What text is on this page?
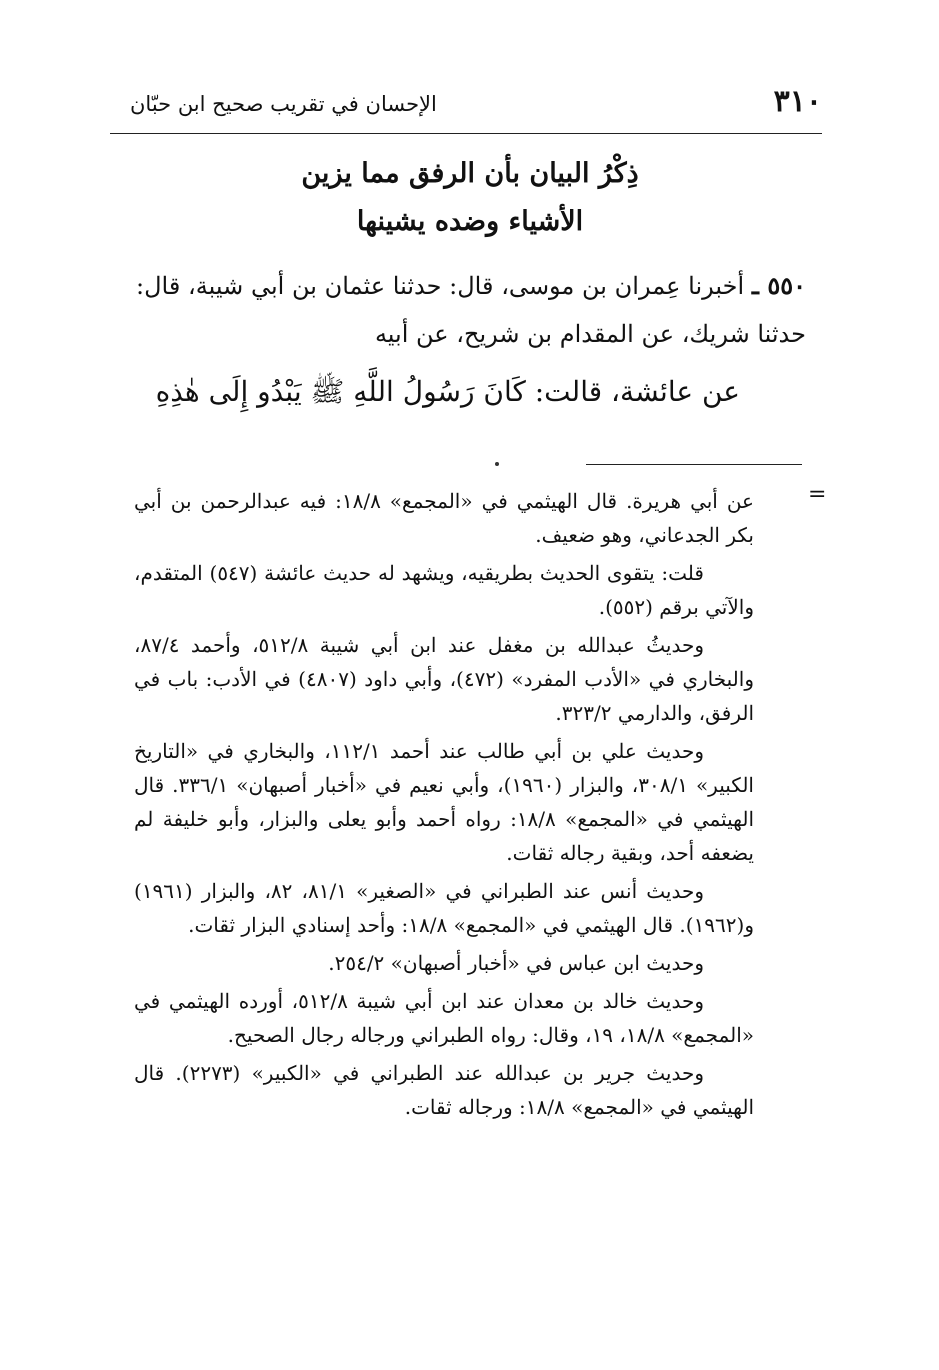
٣١٠
الإحسان في تقريب صحيح ابن حبّان
ذِكْرُ البيان بأن الرفق مما يزين
الأشياء وضده يشينها
٥٥٠ ـ أخبرنا عِمران بن موسى، قال: حدثنا عثمان بن أبي شيبة، قال: حدثنا شريك، عن المقدام بن شريح، عن أبيه
عن عائشة، قالت: كَانَ رَسُولُ اللَّهِ ﷺ يَبْدُو إِلَى هٰذِهِ
=

عن أبي هريرة. قال الهيثمي في «المجمع» ١٨/٨: فيه عبدالرحمن بن أبي بكر الجدعاني، وهو ضعيف.

قلت: يتقوى الحديث بطريقيه، ويشهد له حديث عائشة (٥٤٧) المتقدم، والآتي برقم (٥٥٢).

وحديثُ عبدالله بن مغفل عند ابن أبي شيبة ٥١٢/٨، وأحمد ٨٧/٤، والبخاري في «الأدب المفرد» (٤٧٢)، وأبي داود (٤٨٠٧) في الأدب: باب في الرفق، والدارمي ٣٢٣/٢.

وحديث علي بن أبي طالب عند أحمد ١١٢/١، والبخاري في «التاريخ الكبير» ٣٠٨/١، والبزار (١٩٦٠)، وأبي نعيم في «أخبار أصبهان» ٣٣٦/١. قال الهيثمي في «المجمع» ١٨/٨: رواه أحمد وأبو يعلى والبزار، وأبو خليفة لم يضعفه أحد، وبقية رجاله ثقات.

وحديث أنس عند الطبراني في «الصغير» ٨١/١، ٨٢، والبزار (١٩٦١) و(١٩٦٢). قال الهيثمي في «المجمع» ١٨/٨: وأحد إسنادي البزار ثقات.

وحديث ابن عباس في «أخبار أصبهان» ٢٥٤/٢.

وحديث خالد بن معدان عند ابن أبي شيبة ٥١٢/٨، أورده الهيثمي في «المجمع» ١٨/٨، ١٩، وقال: رواه الطبراني ورجاله رجال الصحيح.

وحديث جرير بن عبدالله عند الطبراني في «الكبير» (٢٢٧٣). قال الهيثمي في «المجمع» ١٨/٨: ورجاله ثقات.
